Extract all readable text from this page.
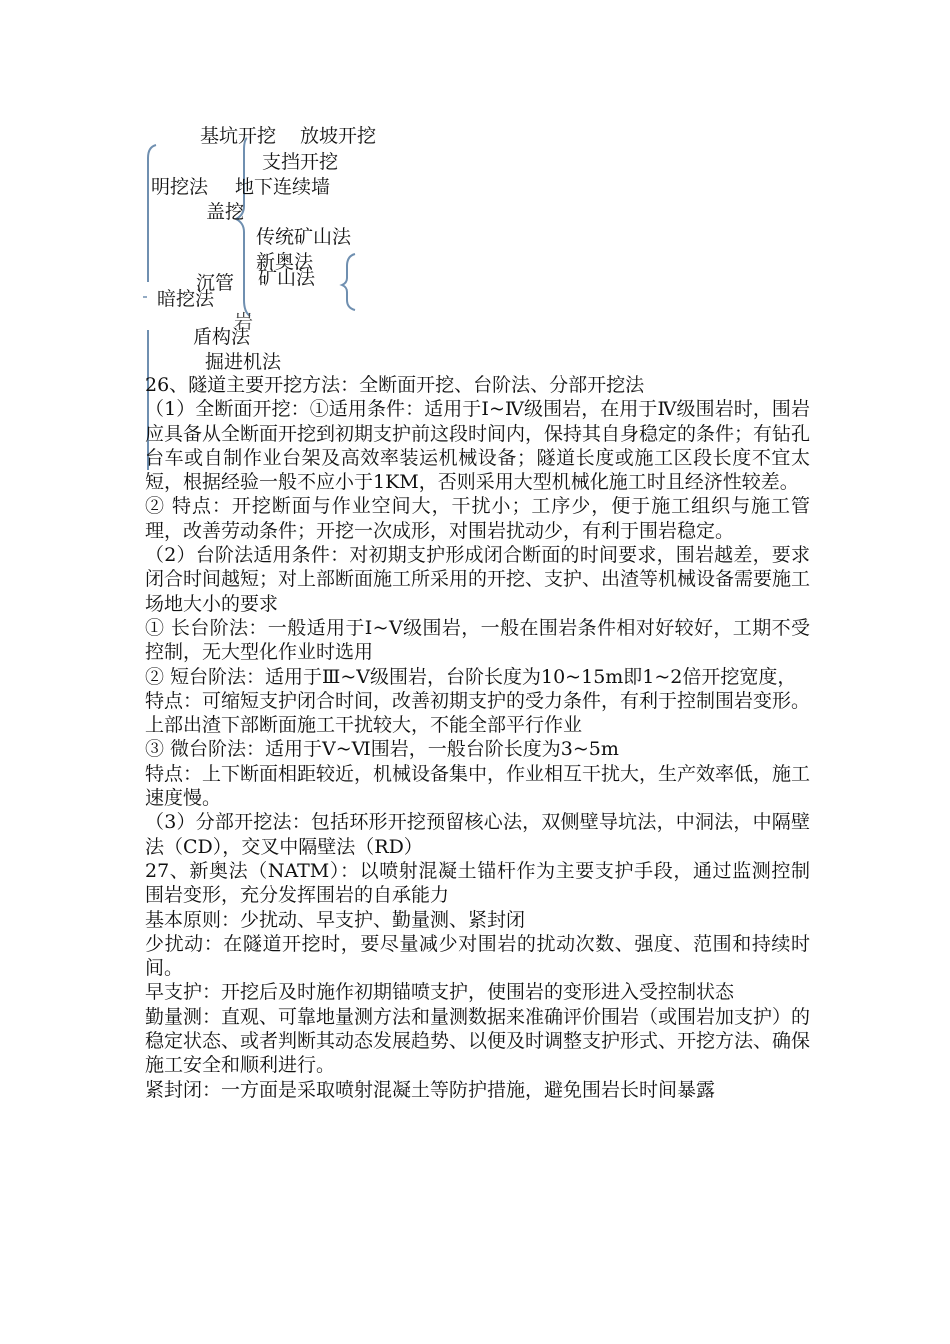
基坑开挖 放坡开挖
支挡开挖
明挖法 地下连续墙
盖挖
传统矿山法
新奥法
沉管 矿山法
暗挖法
岩
盾构法
掘进机法

26、隧道主要开挖方法：全断面开挖、台阶法、分部开挖法

（1）全断面开挖：①适用条件：适用于Ⅰ~Ⅳ级围岩，在用于Ⅳ级围岩时，围岩应具备从全断面开挖到初期支护前这段时间内，保持其自身稳定的条件；有钻孔台车或自制作业台架及高效率装运机械设备；隧道长度或施工区段长度不宜太短，根据经验一般不应小于1KM，否则采用大型机械化施工时且经济性较差。

② 特点：开挖断面与作业空间大，干扰小；工序少，便于施工组织与施工管理，改善劳动条件；开挖一次成形，对围岩扰动少，有利于围岩稳定。

（2）台阶法适用条件：对初期支护形成闭合断面的时间要求，围岩越差，要求闭合时间越短；对上部断面施工所采用的开挖、支护、出渣等机械设备需要施工场地大小的要求

① 长台阶法：一般适用于Ⅰ~Ⅴ级围岩，一般在围岩条件相对好较好，工期不受控制，无大型化作业时选用

② 短台阶法：适用于Ⅲ~Ⅴ级围岩，台阶长度为10~15m即1~2倍开挖宽度，

特点：可缩短支护闭合时间，改善初期支护的受力条件，有利于控制围岩变形。上部出渣下部断面施工干扰较大，不能全部平行作业

③ 微台阶法：适用于Ⅴ~Ⅵ围岩，一般台阶长度为3~5m

特点：上下断面相距较近，机械设备集中，作业相互干扰大，生产效率低，施工速度慢。

（3）分部开挖法：包括环形开挖预留核心法，双侧壁导坑法，中洞法，中隔壁法（CD），交叉中隔壁法（RD）

27、新奥法（NATM）：以喷射混凝土锚杆作为主要支护手段，通过监测控制围岩变形，充分发挥围岩的自承能力

基本原则：少扰动、早支护、勤量测、紧封闭

少扰动：在隧道开挖时，要尽量减少对围岩的扰动次数、强度、范围和持续时间。

早支护：开挖后及时施作初期锚喷支护，使围岩的变形进入受控制状态

勤量测：直观、可靠地量测方法和量测数据来准确评价围岩（或围岩加支护）的稳定状态、或者判断其动态发展趋势、以便及时调整支护形式、开挖方法、确保施工安全和顺利进行。

紧封闭：一方面是采取喷射混凝土等防护措施，避免围岩长时间暴露
